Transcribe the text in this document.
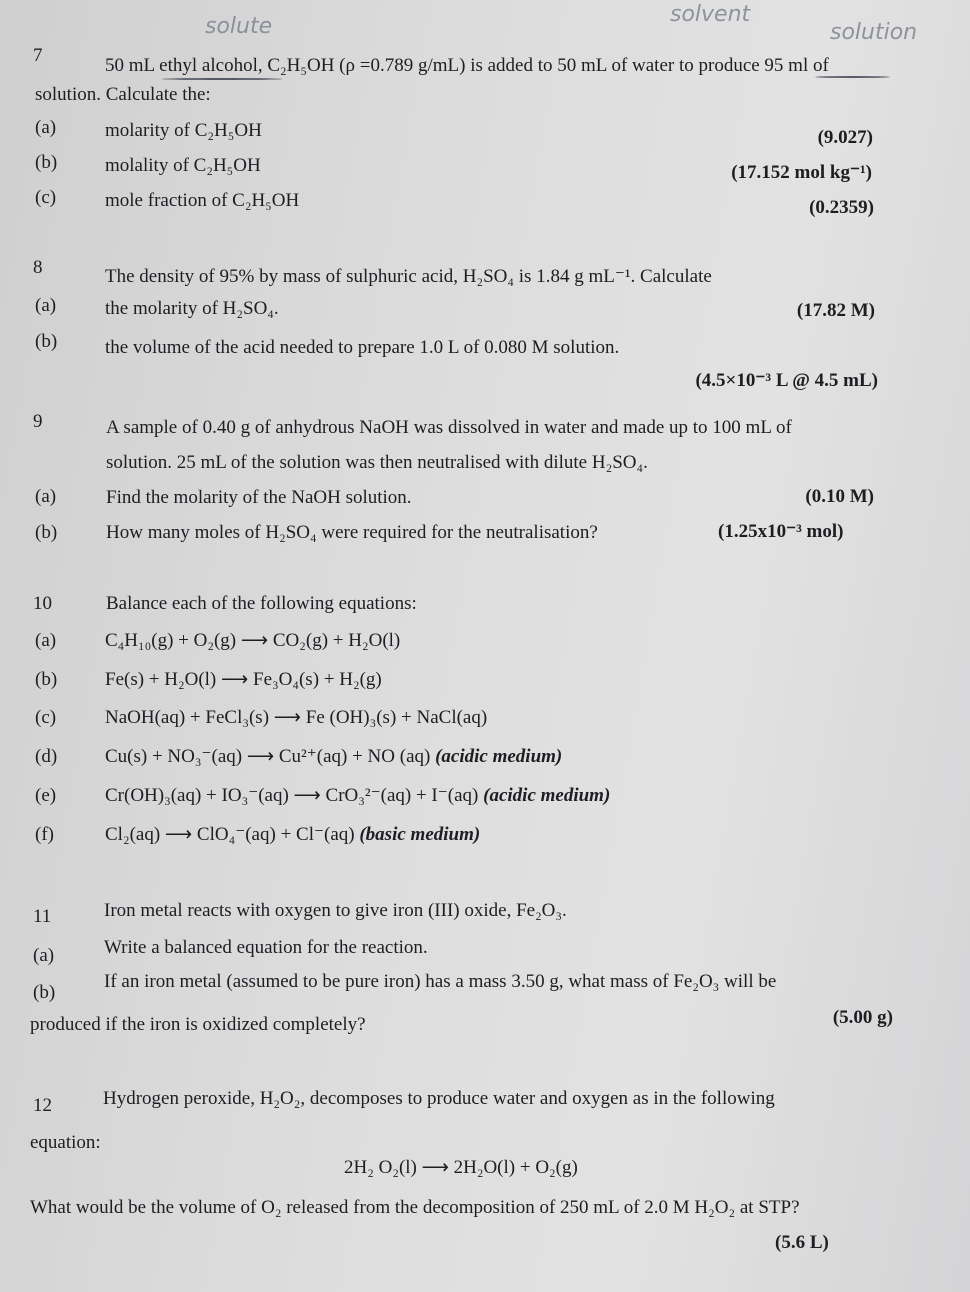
solute	solvent
solution
7	50 mL ethyl alcohol, C₂H₅OH (ρ =0.789 g/mL) is added to 50 mL of water to produce 95 ml of
solution. Calculate the:
(a)	molarity of C₂H₅OH	(9.027)
(b)	molality of C₂H₅OH	(17.152 mol kg⁻¹)
(c)	mole fraction of C₂H₅OH	(0.2359)
8	The density of 95% by mass of sulphuric acid, H₂SO₄ is 1.84 g mL⁻¹. Calculate
(a)	the molarity of H₂SO₄.	(17.82 M)
(b)	the volume of the acid needed to prepare 1.0 L of 0.080 M solution.
(4.5×10⁻³ L @ 4.5 mL)
9	A sample of 0.40 g of anhydrous NaOH was dissolved in water and made up to 100 mL of
solution. 25 mL of the solution was then neutralised with dilute H₂SO₄.
(a)	Find the molarity of the NaOH solution.	(0.10 M)
(b)	How many moles of H₂SO₄ were required for the neutralisation?	(1.25x10⁻³ mol)
10	Balance each of the following equations:
(a)	C₄H₁₀(g) + O₂(g) ⟶ CO₂(g) + H₂O(l)
(b)	Fe(s) + H₂O(l) ⟶ Fe₃O₄(s) + H₂(g)
(c)	NaOH(aq) + FeCl₃(s) ⟶ Fe (OH)₃(s) + NaCl(aq)
(d)	Cu(s) + NO₃⁻(aq) ⟶ Cu²⁺(aq) + NO (aq) (acidic medium)
(e)	Cr(OH)₃(aq) + IO₃⁻(aq) ⟶ CrO₃²⁻(aq) + I⁻(aq) (acidic medium)
(f)	Cl₂(aq) ⟶ ClO₄⁻(aq) + Cl⁻(aq) (basic medium)
11	Iron metal reacts with oxygen to give iron (III) oxide, Fe₂O₃.
(a)	Write a balanced equation for the reaction.
(b)
If an iron metal (assumed to be pure iron) has a mass 3.50 g, what mass of Fe₂O₃ will be
produced if the iron is oxidized completely?	(5.00 g)
12	Hydrogen peroxide, H₂O₂, decomposes to produce water and oxygen as in the following
equation:
2H₂ O₂(l) ⟶ 2H₂O(l) + O₂(g)
What would be the volume of O₂ released from the decomposition of 250 mL of 2.0 M H₂O₂ at STP?
(5.6 L)
